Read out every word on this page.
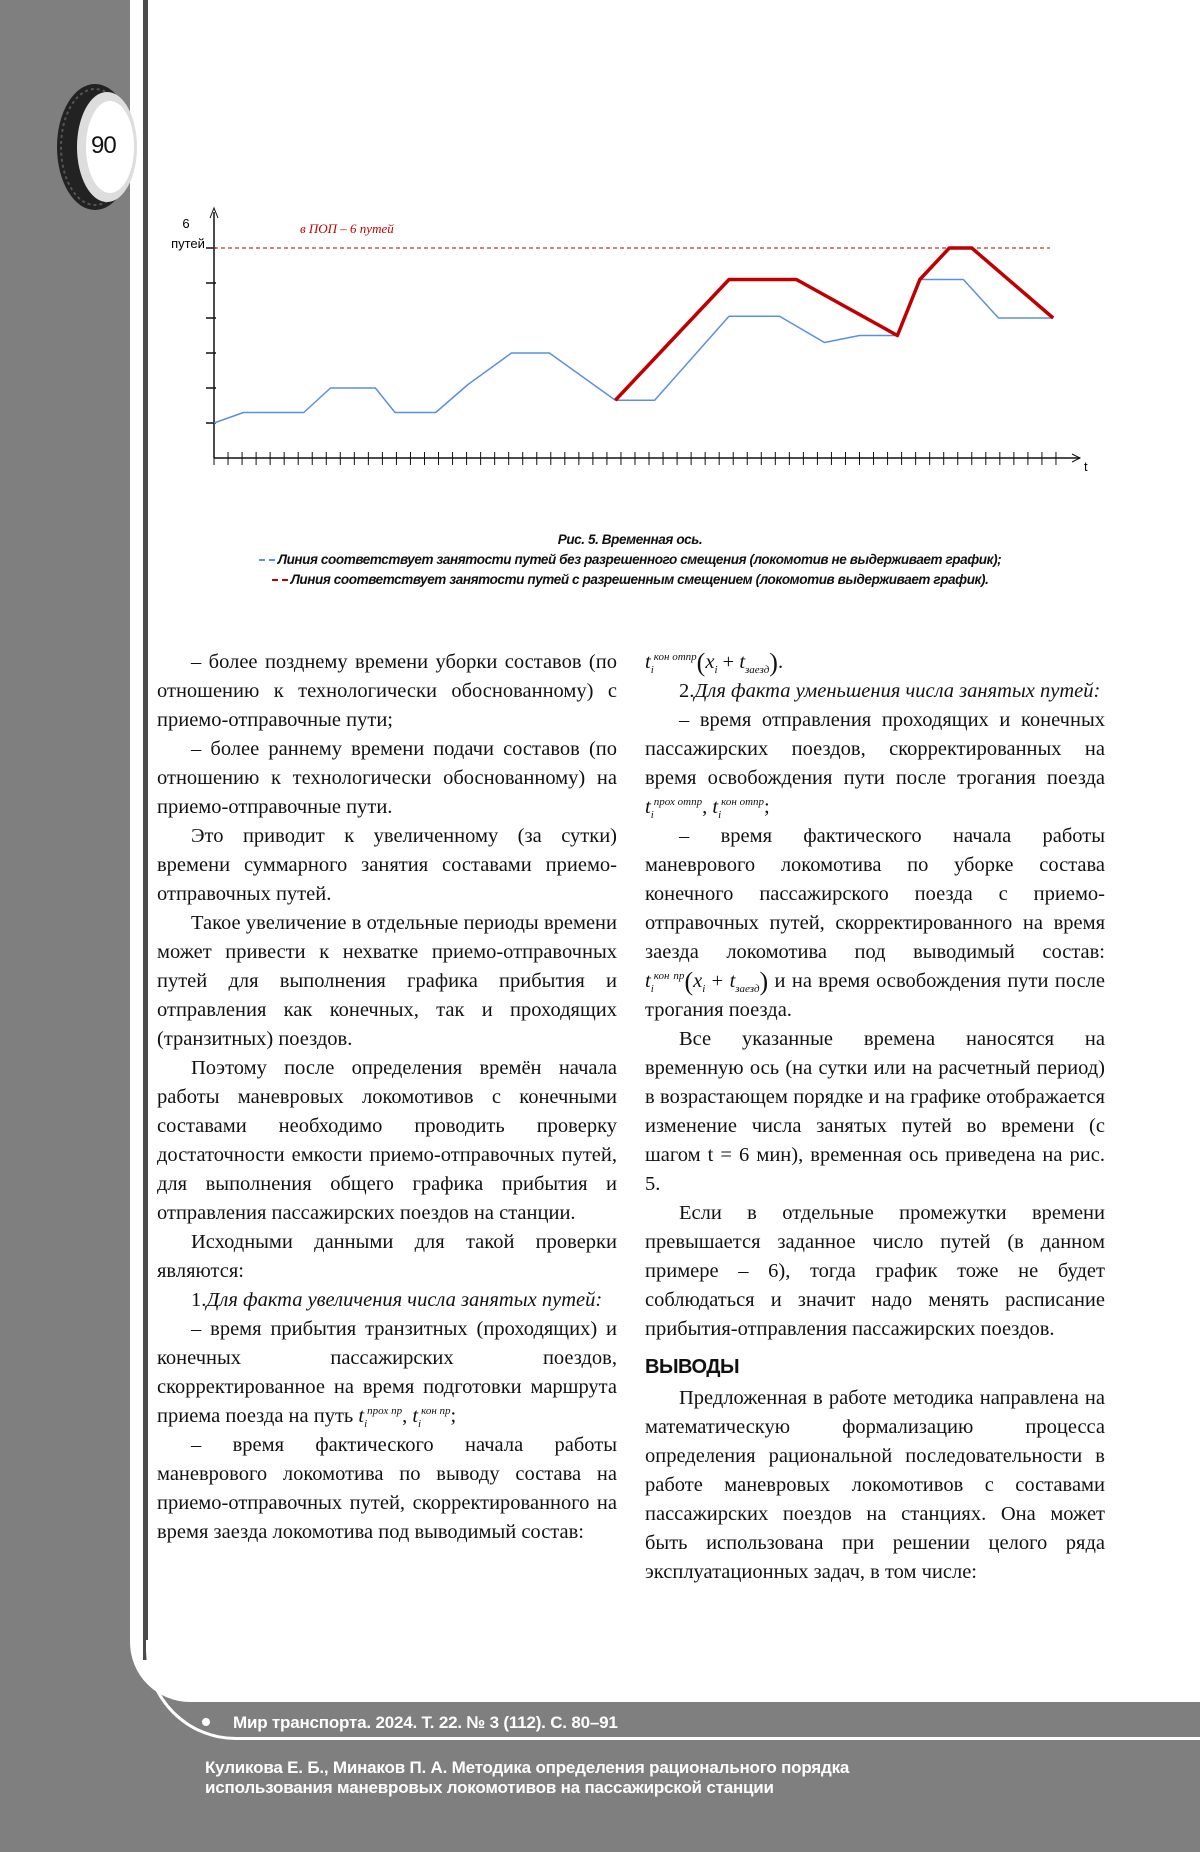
90
6
путей
в ПОП – 6 путей
t
Рис. 5. Временная ось.
Линия соответствует занятости путей без разрешенного смещения (локомотив не выдерживает график);
Линия соответствует занятости путей с разрешенным смещением (локомотив выдерживает график).

– более позднему времени уборки составов (по отношению к технологически обоснованному) с приемо-отправочные пути;

– более раннему времени подачи составов (по отношению к технологически обоснованному) на приемо-отправочные пути.

Это приводит к увеличенному (за сутки) времени суммарного занятия составами приемо-отправочных путей.

Такое увеличение в отдельные периоды времени может привести к нехватке приемо-отправочных путей для выполнения графика прибытия и отправления как конечных, так и проходящих (транзитных) поездов.

Поэтому после определения времён начала работы маневровых локомотивов с конечными составами необходимо проводить проверку достаточности емкости приемо-отправочных путей, для выполнения общего графика прибытия и отправления пассажирских поездов на станции.

Исходными данными для такой проверки являются:

1.Для факта увеличения числа занятых путей:

– время прибытия транзитных (проходящих) и конечных пассажирских поездов, скорректированное на время подготовки маршрута приема поезда на путь tiпрох пр, tiкон пр;

– время фактического начала работы маневрового локомотива по выводу состава на приемо-отправочных путей, скорректированного на время заезда локомотива под выводимый состав:

tiкон отпр(xi + tзаезд).

2.Для факта уменьшения числа занятых путей:

– время отправления проходящих и конечных пассажирских поездов, скорректированных на время освобождения пути после трогания поезда tiпрох отпр, tiкон отпр;

– время фактического начала работы маневрового локомотива по уборке состава конечного пассажирского поезда с приемо-отправочных путей, скорректированного на время заезда локомотива под выводимый состав: tiкон пр(xi + tзаезд) и на время освобождения пути после трогания поезда.

Все указанные времена наносятся на временную ось (на сутки или на расчетный период) в возрастающем порядке и на графике отображается изменение числа занятых путей во времени (с шагом t = 6 мин), временная ось приведена на рис. 5.

Если в отдельные промежутки времени превышается заданное число путей (в данном примере – 6), тогда график тоже не будет соблюдаться и значит надо менять расписание прибытия-отправления пассажирских поездов.

ВЫВОДЫ

Предложенная в работе методика направлена на математическую формализацию процесса определения рациональной последовательности в работе маневровых локомотивов с составами пассажирских поездов на станциях. Она может быть использована при решении целого ряда эксплуатационных задач, в том числе:

Мир транспорта. 2024. Т. 22. № 3 (112). С. 80–91
Куликова Е. Б., Минаков П. А. Методика определения рационального порядка
использования маневровых локомотивов на пассажирской станции
